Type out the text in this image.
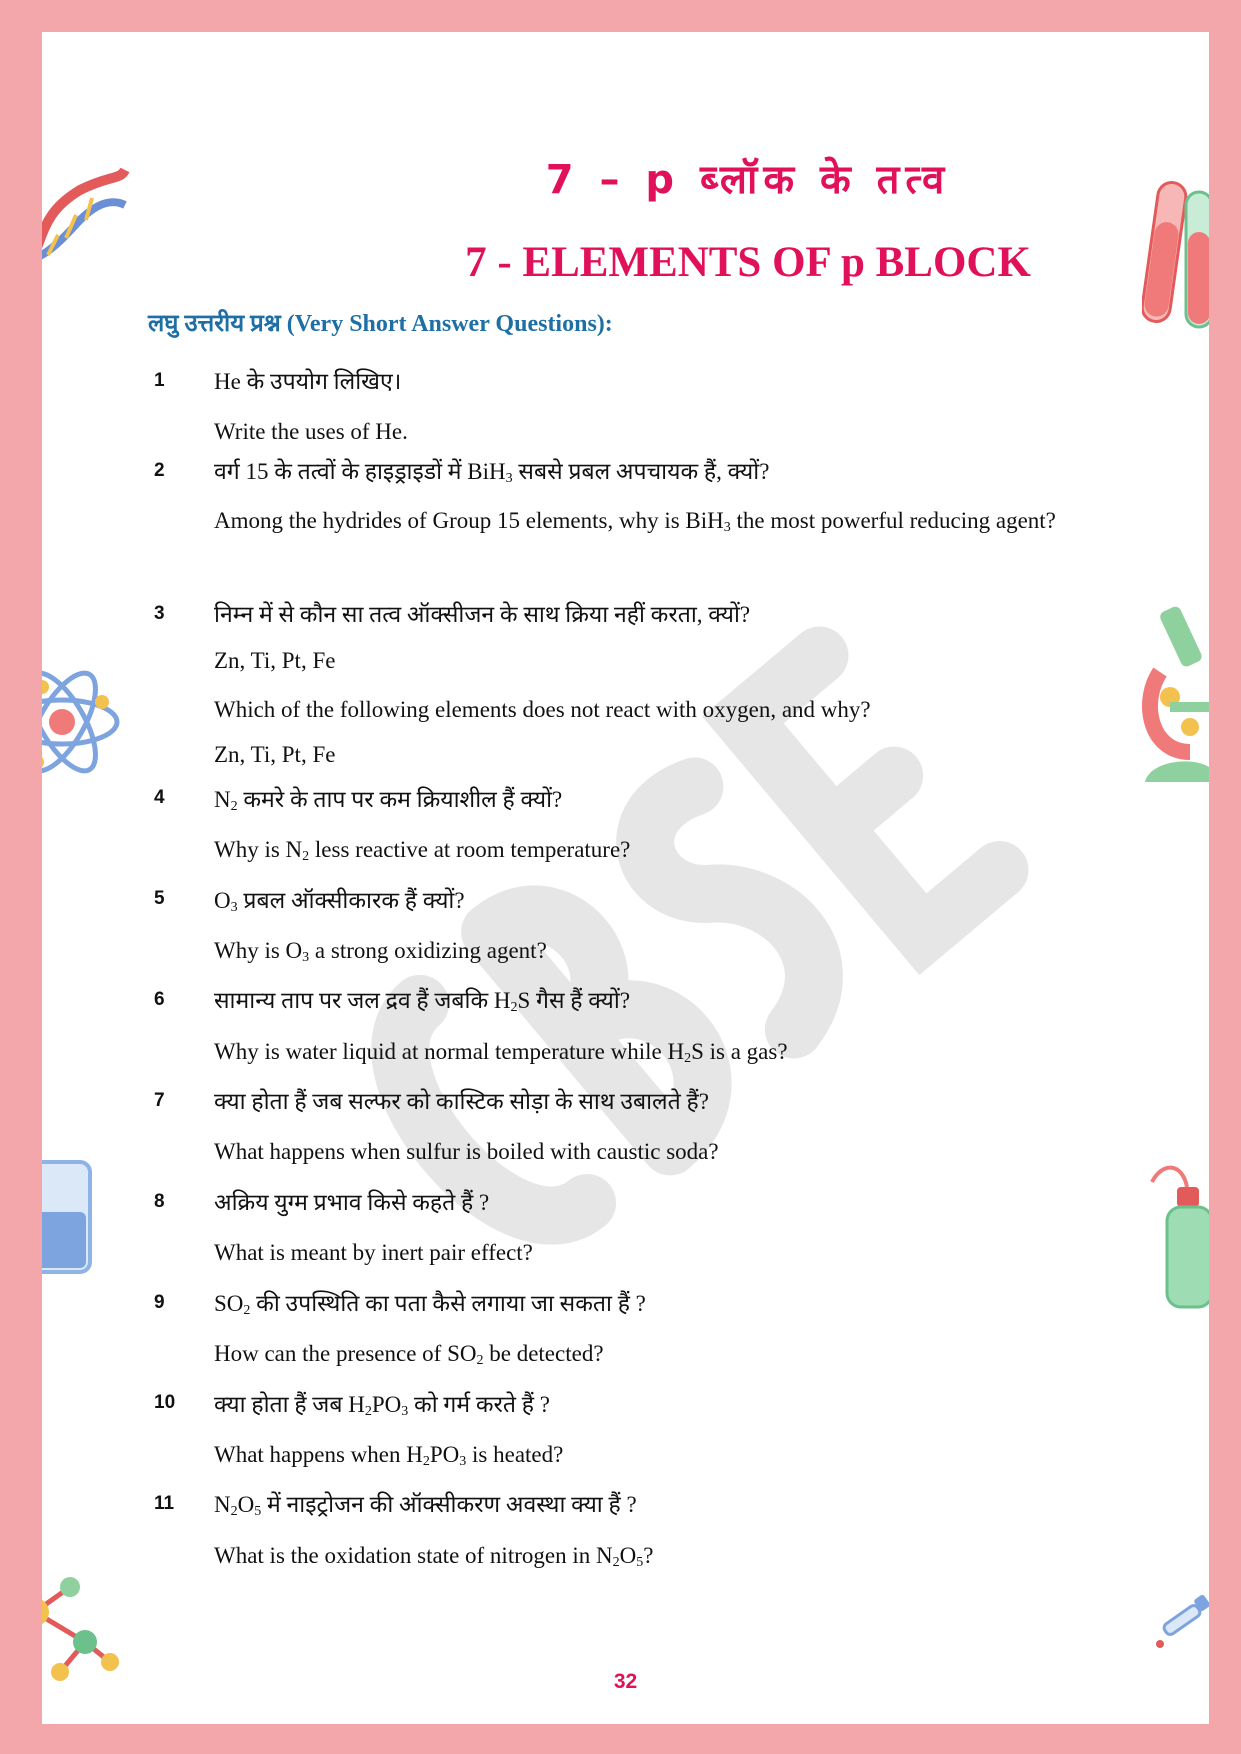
7 – p ब्लॉक के तत्व
7 - ELEMENTS OF p BLOCK
लघु उत्तरीय प्रश्न (Very Short Answer Questions):
1 He के उपयोग लिखिए।
Write the uses of He.
2 वर्ग 15 के तत्वों के हाइड्राइडों में BiH$_3$ सबसे प्रबल अपचायक हैं, क्यों?
Among the hydrides of Group 15 elements, why is BiH$_3$ the most powerful reducing agent?
3 निम्न में से कौन सा तत्व ऑक्सीजन के साथ क्रिया नहीं करता, क्यों?
Zn, Ti, Pt, Fe
Which of the following elements does not react with oxygen, and why?
Zn, Ti, Pt, Fe
4 $N_2$ कमरे के ताप पर कम क्रियाशील हैं क्यों?
Why is $N_2$ less reactive at room temperature?
5 $O_3$ प्रबल ऑक्सीकारक हैं क्यों?
Why is $O_3$ a strong oxidizing agent?
6 सामान्य ताप पर जल द्रव हैं जबकि $H_2S$ गैस हैं क्यों?
Why is water liquid at normal temperature while $H_2S$ is a gas?
7 क्या होता हैं जब सल्फर को कास्टिक सोड़ा के साथ उबालते हैं?
What happens when sulfur is boiled with caustic soda?
8 अक्रिय युग्म प्रभाव किसे कहते हैं ?
What is meant by inert pair effect?
9 $SO_2$ की उपस्थिति का पता कैसे लगाया जा सकता हैं ?
How can the presence of $SO_2$ be detected?
10 क्या होता हैं जब $H_2PO_3$ को गर्म करते हैं ?
What happens when $H_2PO_3$ is heated?
11 $N_2O_5$ में नाइट्रोजन की ऑक्सीकरण अवस्था क्या हैं ?
What is the oxidation state of nitrogen in $N_2O_5$?
32
